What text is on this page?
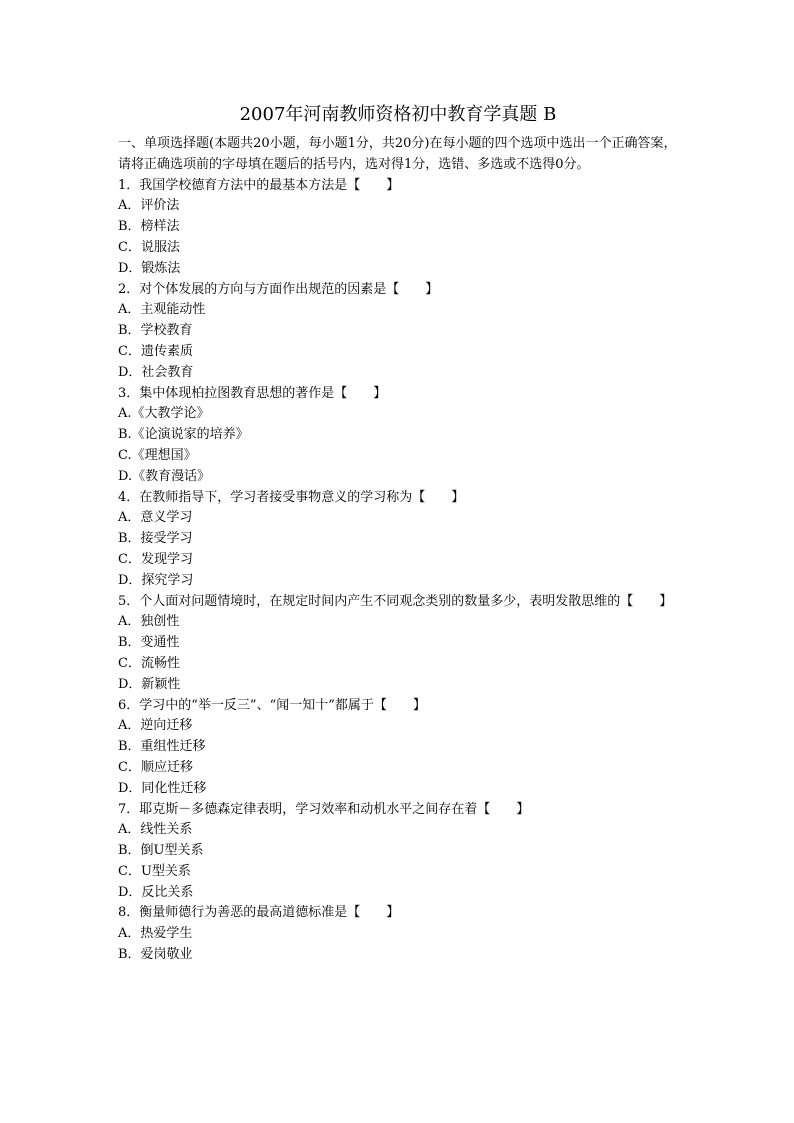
2007年河南教师资格初中教育学真题 B
一、单项选择题(本题共20小题，每小题1分，共20分)在每小题的四个选项中选出一个正确答案，请将正确选项前的字母填在题后的括号内，选对得1分，选错、多选或不选得0分。
1．我国学校德育方法中的最基本方法是【　　】
A．评价法
B．榜样法
C．说服法
D．锻炼法
2．对个体发展的方向与方面作出规范的因素是【　　】
A．主观能动性
B．学校教育
C．遗传素质
D．社会教育
3．集中体现柏拉图教育思想的著作是【　　】
A.《大教学论》
B.《论演说家的培养》
C.《理想国》
D.《教育漫话》
4．在教师指导下，学习者接受事物意义的学习称为【　　】
A．意义学习
B．接受学习
C．发现学习
D．探究学习
5．个人面对问题情境时，在规定时间内产生不同观念类别的数量多少，表明发散思维的【　　】
A．独创性
B．变通性
C．流畅性
D．新颖性
6．学习中的“举一反三”、“闻一知十”都属于【　　】
A．逆向迁移
B．重组性迁移
C．顺应迁移
D．同化性迁移
7．耶克斯－多德森定律表明，学习效率和动机水平之间存在着【　　】
A．线性关系
B．倒U型关系
C．U型关系
D．反比关系
8．衡量师德行为善恶的最高道德标准是【　　】
A．热爱学生
B．爱岗敬业
